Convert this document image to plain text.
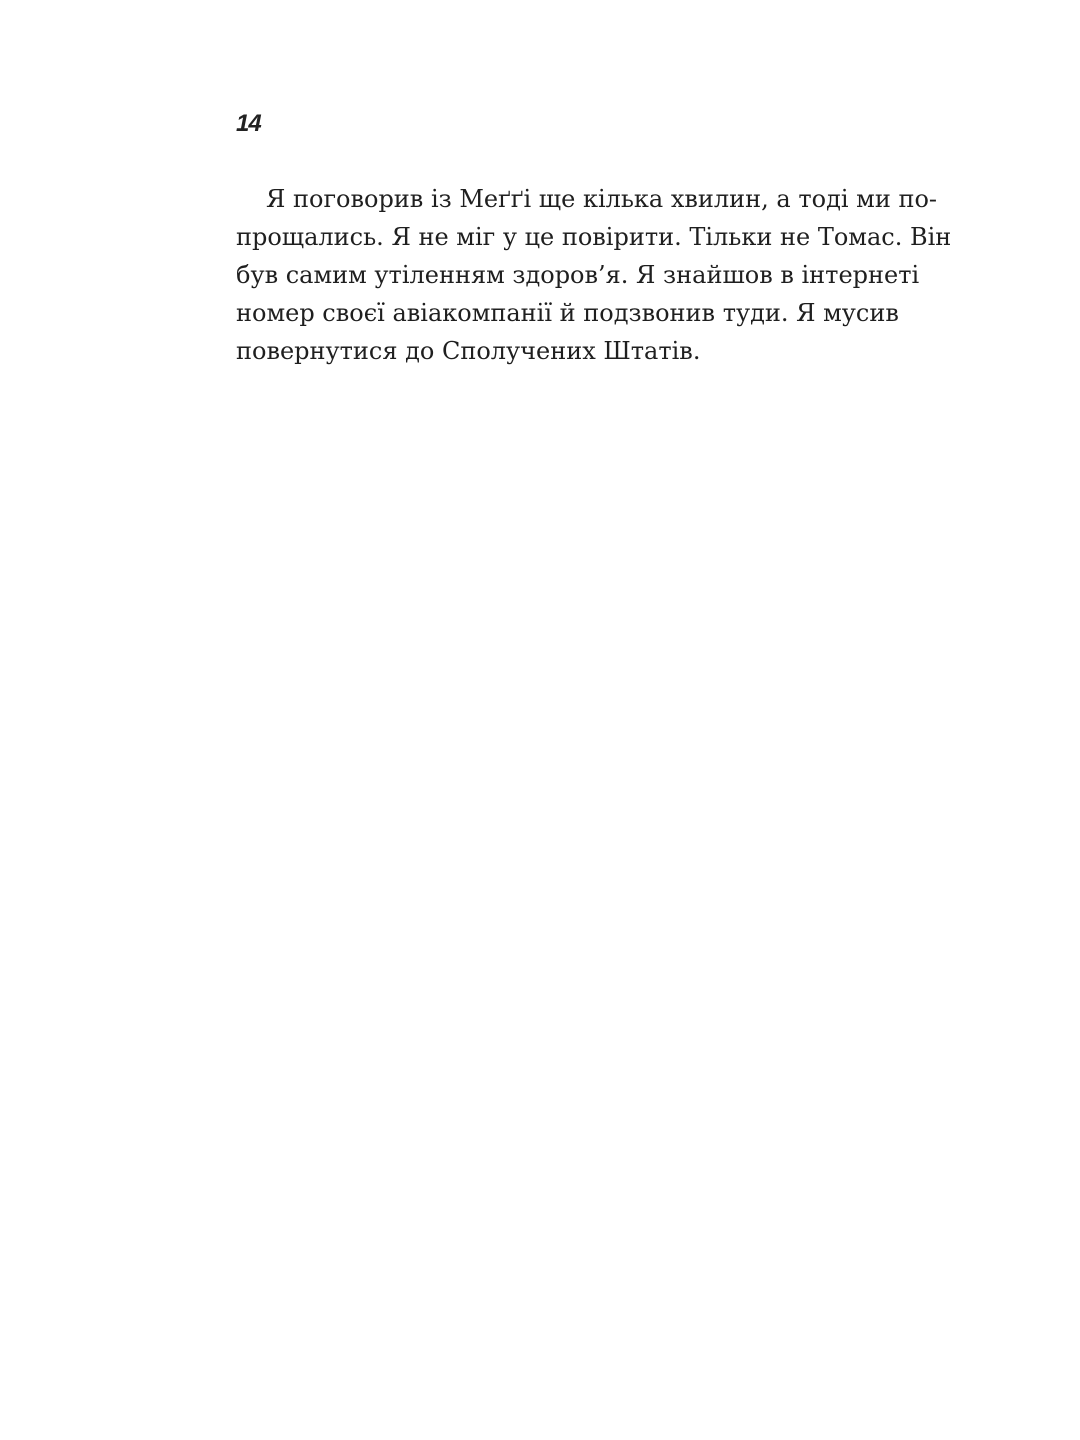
14
Я поговорив із Меґґі ще кілька хвилин, а тоді ми по-
прощались. Я не міг у це повірити. Тільки не Томас. Він
був самим утіленням здоров’я. Я знайшов в інтернеті
номер своєї авіакомпанії й подзвонив туди. Я мусив
повернутися до Сполучених Штатів.
